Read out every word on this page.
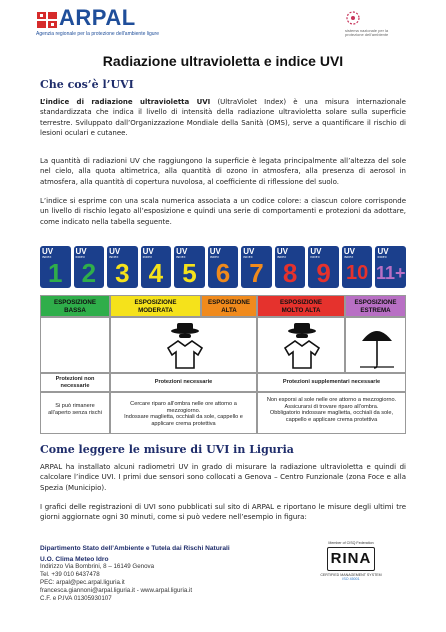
ARPAL
Agenzia regionale per la protezione dell'ambiente ligure
sistema nazionale per la protezione dell'ambiente
Radiazione ultravioletta e indice UVI
Che cos’è l’UVI

L’indice di radiazione ultravioletta UVI (UltraViolet Index) è una misura internazionale standardizzata che indica il livello di intensità della radiazione ultravioletta solare sulla superficie terrestre. Sviluppato dall’Organizzazione Mondiale della Sanità (OMS), serve a quantificare il rischio di lesioni oculari e cutanee.

La quantità di radiazioni UV che raggiungono la superficie è legata principalmente all’altezza del sole nel cielo, alla quota altimetrica, alla quantità di ozono in atmosfera, alla presenza di aerosol in atmosfera, alla quantità di copertura nuvolosa, al coefficiente di riflessione del suolo.

L’indice si esprime con una scala numerica associata a un codice colore: a ciascun colore corrisponde un livello di rischio legato all’esposizione e quindi una serie di comportamenti e protezioni da adottare, come indicato nella tabella seguente.

UV
INDEX
1
UV
INDEX
2
UV
INDEX
3
UV
INDEX
4
UV
INDEX
5
UV
INDEX
6
UV
INDEX
7
UV
INDEX
8
UV
INDEX
9
UV
INDEX
10
UV
INDEX
11+
ESPOSIZIONE
BASSA
ESPOSIZIONE
MODERATA
ESPOSIZIONE
ALTA
ESPOSIZIONE
MOLTO ALTA
ESPOSIZIONE
ESTREMA
Protezioni non necessarie
Protezioni necessarie	Protezioni supplementari necessarie
Si può rimanere all’aperto senza rischi
Cercare riparo all’ombra nelle ore attorno a mezzogiorno.
Indossare maglietta, occhiali da sole, cappello e applicare crema protettiva
Non esporsi al sole nelle ore attorno a mezzogiorno.
Assicurarsi di trovare riparo all’ombra.
Obbligatorio indossare maglietta, occhiali da sole, cappello e applicare crema protettiva
Come leggere le misure di UVI in Liguria

ARPAL ha installato alcuni radiometri UV in grado di misurare la radiazione ultravioletta e quindi di calcolare l’indice UVI. I primi due sensori sono collocati a Genova – Centro Funzionale (zona Foce e alla Spezia (Municipio).

I grafici delle registrazioni di UVI sono pubblicati sul sito di ARPAL e riportano le misure degli ultimi tre giorni aggiornate ogni 30 minuti, come si può vedere nell’esempio in figura:

Dipartimento Stato dell’Ambiente e Tutela dai Rischi Naturali

U.O. Clima Meteo Idro

Indirizzo Via Bombrini, 8 – 16149 Genova

Tel. +39 010 6437478

PEC: arpal@pec.arpal.liguria.it

francesca.giannoni@arpal.liguria.it - www.arpal.liguria.it

C.F. e P.IVA 01305930107

Member of CISQ Federation
RINA
CERTIFIED MANAGEMENT SYSTEM
ISO 45001
